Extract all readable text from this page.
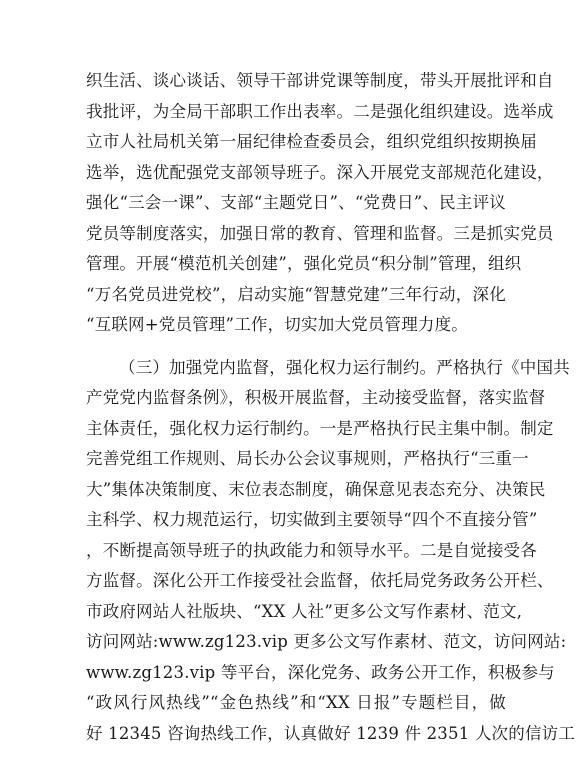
织生活、谈心谈话、领导干部讲党课等制度，带头开展批评和自
我批评，为全局干部职工作出表率。二是强化组织建设。选举成
立市人社局机关第一届纪律检查委员会，组织党组织按期换届
选举，选优配强党支部领导班子。深入开展党支部规范化建设，
强化“三会一课”、支部“主题党日”、“党费日”、民主评议
党员等制度落实，加强日常的教育、管理和监督。三是抓实党员
管理。开展“模范机关创建”，强化党员“积分制”管理，组织
“万名党员进党校”，启动实施“智慧党建”三年行动，深化
“互联网+党员管理”工作，切实加大党员管理力度。
（三）加强党内监督，强化权力运行制约。严格执行《中国共
产党党内监督条例》，积极开展监督，主动接受监督，落实监督
主体责任，强化权力运行制约。一是严格执行民主集中制。制定
完善党组工作规则、局长办公会议事规则，严格执行“三重一
大”集体决策制度、末位表态制度，确保意见表态充分、决策民
主科学、权力规范运行，切实做到主要领导“四个不直接分管”
，不断提高领导班子的执政能力和领导水平。二是自觉接受各
方监督。深化公开工作接受社会监督，依托局党务政务公开栏、
市政府网站人社版块、“XX 人社”更多公文写作素材、范文,
访问网站:www.zg123.vip 更多公文写作素材、范文，访问网站:
www.zg123.vip 等平台，深化党务、政务公开工作，积极参与
“政风行风热线”“金色热线”和“XX 日报”专题栏目，做
好 12345 咨询热线工作，认真做好 1239 件 2351 人次的信访工
